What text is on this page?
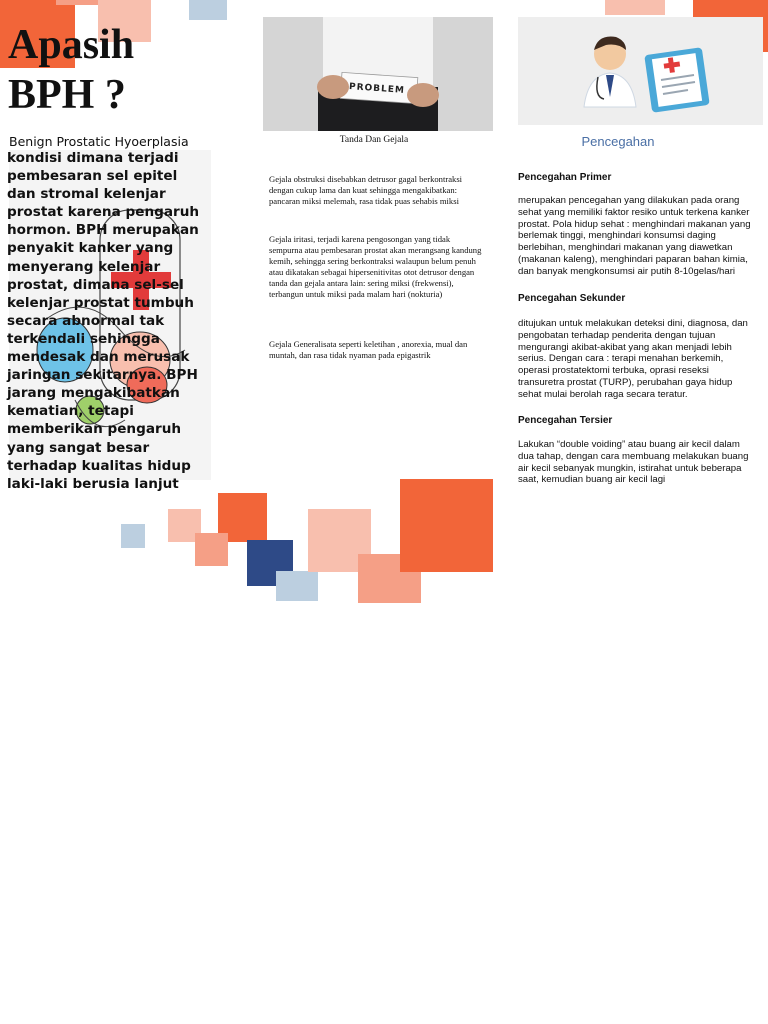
Apasih
BPH ?

Benign Prostatic Hyoerplasia

kondisi dimana terjadi pembesaran sel epitel dan stromal kelenjar prostat karena pengaruh hormon. BPH merupakan penyakit kanker yang menyerang kelenjar prostat, dimana sel-sel kelenjar prostat tumbuh secara abnormal tak terkendali sehingga mendesak dan merusak jaringan sekitarnya. BPH jarang mengakibatkan kematian, tetapi memberikan pengaruh yang sangat besar terhadap kualitas hidup laki-laki berusia lanjut

PROBLEM

Tanda Dan Gejala

Gejala obstruksi disebabkan detrusor gagal berkontraksi dengan cukup lama dan kuat sehingga mengakibatkan: pancaran miksi melemah, rasa tidak puas sehabis miksi

Gejala iritasi, terjadi karena pengosongan yang tidak sempurna atau pembesaran prostat akan merangsang kandung kemih, sehingga sering berkontraksi walaupun belum penuh atau dikatakan sebagai hipersenitivitas otot detrusor dengan tanda dan gejala antara lain: sering miksi (frekwensi), terbangun untuk miksi pada malam hari (nokturia)

Gejala Generalisata seperti keletihan , anorexia, mual dan muntah, dan rasa tidak nyaman pada epigastrik

Pencegahan

Pencegahan Primer

merupakan pencegahan yang dilakukan pada orang sehat yang memiliki faktor resiko untuk terkena kanker prostat. Pola hidup sehat : menghindari makanan yang berlemak tinggi, menghindari konsumsi daging berlebihan, menghindari makanan yang diawetkan (makanan kaleng), menghindari paparan bahan kimia, dan banyak mengkonsumsi air putih 8-10gelas/hari

Pencegahan Sekunder

ditujukan untuk melakukan deteksi dini, diagnosa, dan pengobatan terhadap penderita dengan tujuan mengurangi akibat-akibat yang akan menjadi lebih serius. Dengan cara : terapi menahan berkemih, operasi prostatektomi terbuka, oprasi reseksi transuretra prostat (TURP), perubahan gaya hidup sehat mulai berolah raga secara teratur.

Pencegahan Tersier

Lakukan “double voiding” atau buang air kecil dalam dua tahap, dengan cara membuang melakukan buang air kecil sebanyak mungkin, istirahat untuk beberapa saat, kemudian buang air kecil lagi
